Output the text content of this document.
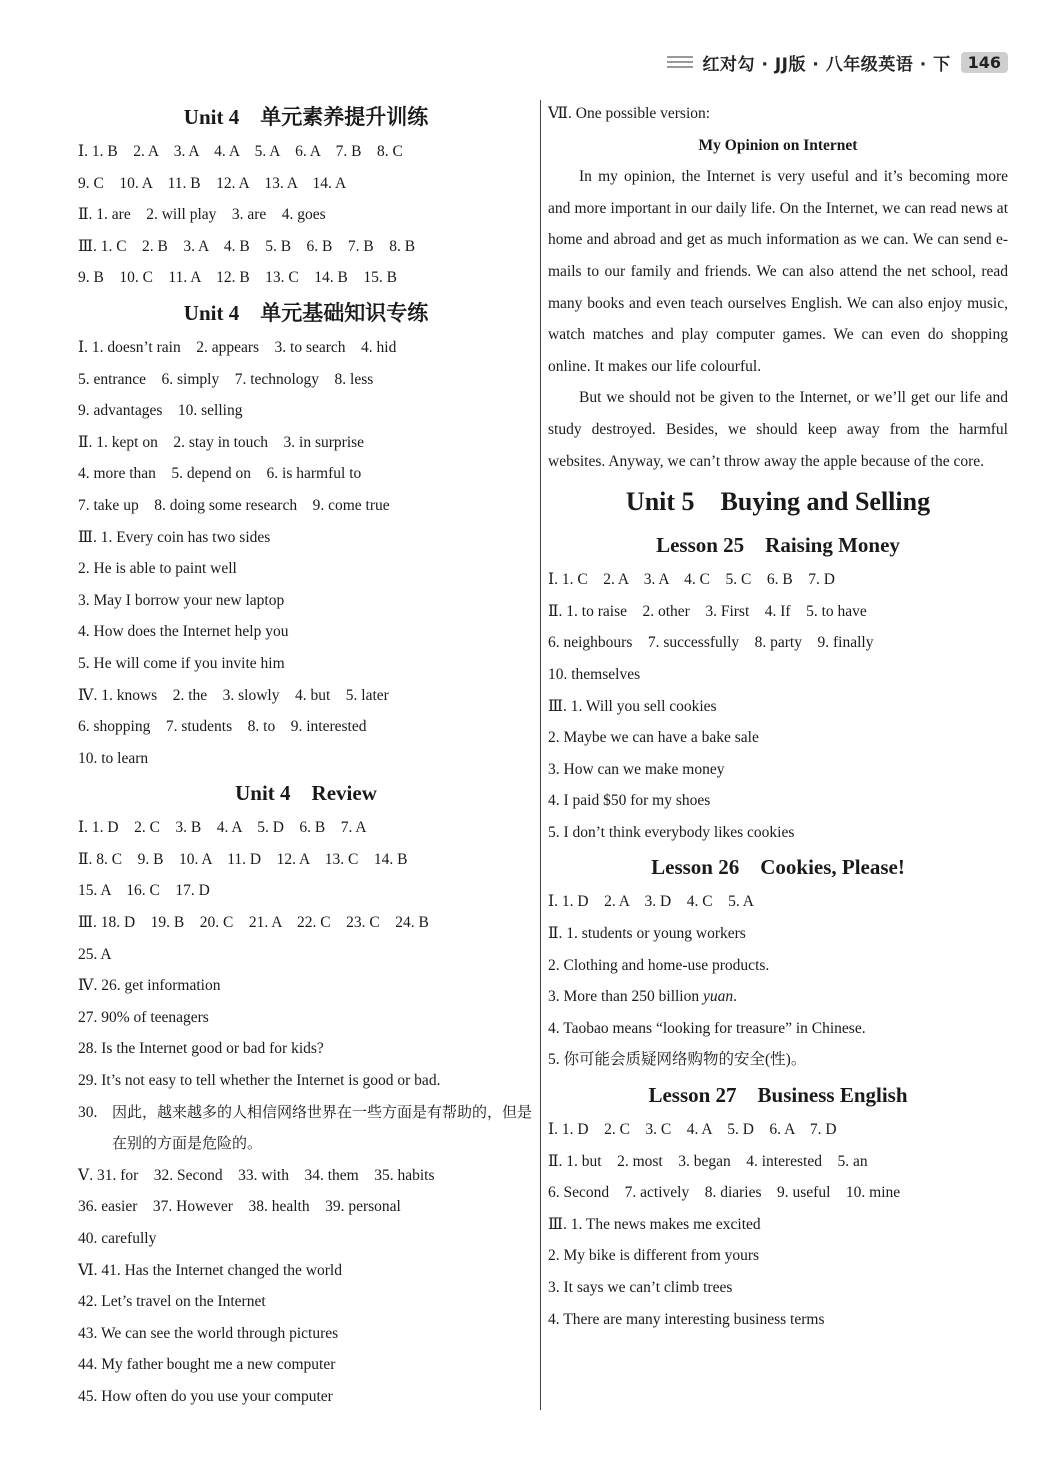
红对勾 · JJ版 · 八年级英语 · 下	146
Unit 4　单元素养提升训练
Ⅰ. 1. B　2. A　3. A　4. A　5. A　6. A　7. B　8. C
9. C　10. A　11. B　12. A　13. A　14. A
Ⅱ. 1. are　2. will play　3. are　4. goes
Ⅲ. 1. C　2. B　3. A　4. B　5. B　6. B　7. B　8. B
9. B　10. C　11. A　12. B　13. C　14. B　15. B
Unit 4　单元基础知识专练
Ⅰ. 1. doesn’t rain　2. appears　3. to search　4. hid
5. entrance　6. simply　7. technology　8. less
9. advantages　10. selling
Ⅱ. 1. kept on　2. stay in touch　3. in surprise
4. more than　5. depend on　6. is harmful to
7. take up　8. doing some research　9. come true
Ⅲ. 1. Every coin has two sides
2. He is able to paint well
3. May I borrow your new laptop
4. How does the Internet help you
5. He will come if you invite him
Ⅳ. 1. knows　2. the　3. slowly　4. but　5. later
6. shopping　7. students　8. to　9. interested
10. to learn
Unit 4　Review
Ⅰ. 1. D　2. C　3. B　4. A　5. D　6. B　7. A
Ⅱ. 8. C　9. B　10. A　11. D　12. A　13. C　14. B
15. A　16. C　17. D
Ⅲ. 18. D　19. B　20. C　21. A　22. C　23. C　24. B
25. A
Ⅳ. 26. get information
27. 90% of teenagers
28. Is the Internet good or bad for kids?
29. It’s not easy to tell whether the Internet is good or bad.
30. 因此，越来越多的人相信网络世界在一些方面是有帮助的，但是在别的方面是危险的。
Ⅴ. 31. for　32. Second　33. with　34. them　35. habits
36. easier　37. However　38. health　39. personal
40. carefully
Ⅵ. 41. Has the Internet changed the world
42. Let’s travel on the Internet
43. We can see the world through pictures
44. My father bought me a new computer
45. How often do you use your computer
Ⅶ. One possible version:
My Opinion on Internet

In my opinion, the Internet is very useful and it’s becoming more and more important in our daily life. On the Internet, we can read news at home and abroad and get as much information as we can. We can send e-mails to our family and friends. We can also attend the net school, read many books and even teach ourselves English. We can also enjoy music, watch matches and play computer games. We can even do shopping online. It makes our life colourful.

But we should not be given to the Internet, or we’ll get our life and study destroyed. Besides, we should keep away from the harmful websites. Anyway, we can’t throw away the apple because of the core.

Unit 5　Buying and Selling
Lesson 25　Raising Money
Ⅰ. 1. C　2. A　3. A　4. C　5. C　6. B　7. D
Ⅱ. 1. to raise　2. other　3. First　4. If　5. to have
6. neighbours　7. successfully　8. party　9. finally
10. themselves
Ⅲ. 1. Will you sell cookies
2. Maybe we can have a bake sale
3. How can we make money
4. I paid $50 for my shoes
5. I don’t think everybody likes cookies
Lesson 26　Cookies, Please!
Ⅰ. 1. D　2. A　3. D　4. C　5. A
Ⅱ. 1. students or young workers
2. Clothing and home-use products.
3. More than 250 billion yuan.
4. Taobao means “looking for treasure” in Chinese.
5. 你可能会质疑网络购物的安全(性)。
Lesson 27　Business English
Ⅰ. 1. D　2. C　3. C　4. A　5. D　6. A　7. D
Ⅱ. 1. but　2. most　3. began　4. interested　5. an
6. Second　7. actively　8. diaries　9. useful　10. mine
Ⅲ. 1. The news makes me excited
2. My bike is different from yours
3. It says we can’t climb trees
4. There are many interesting business terms
